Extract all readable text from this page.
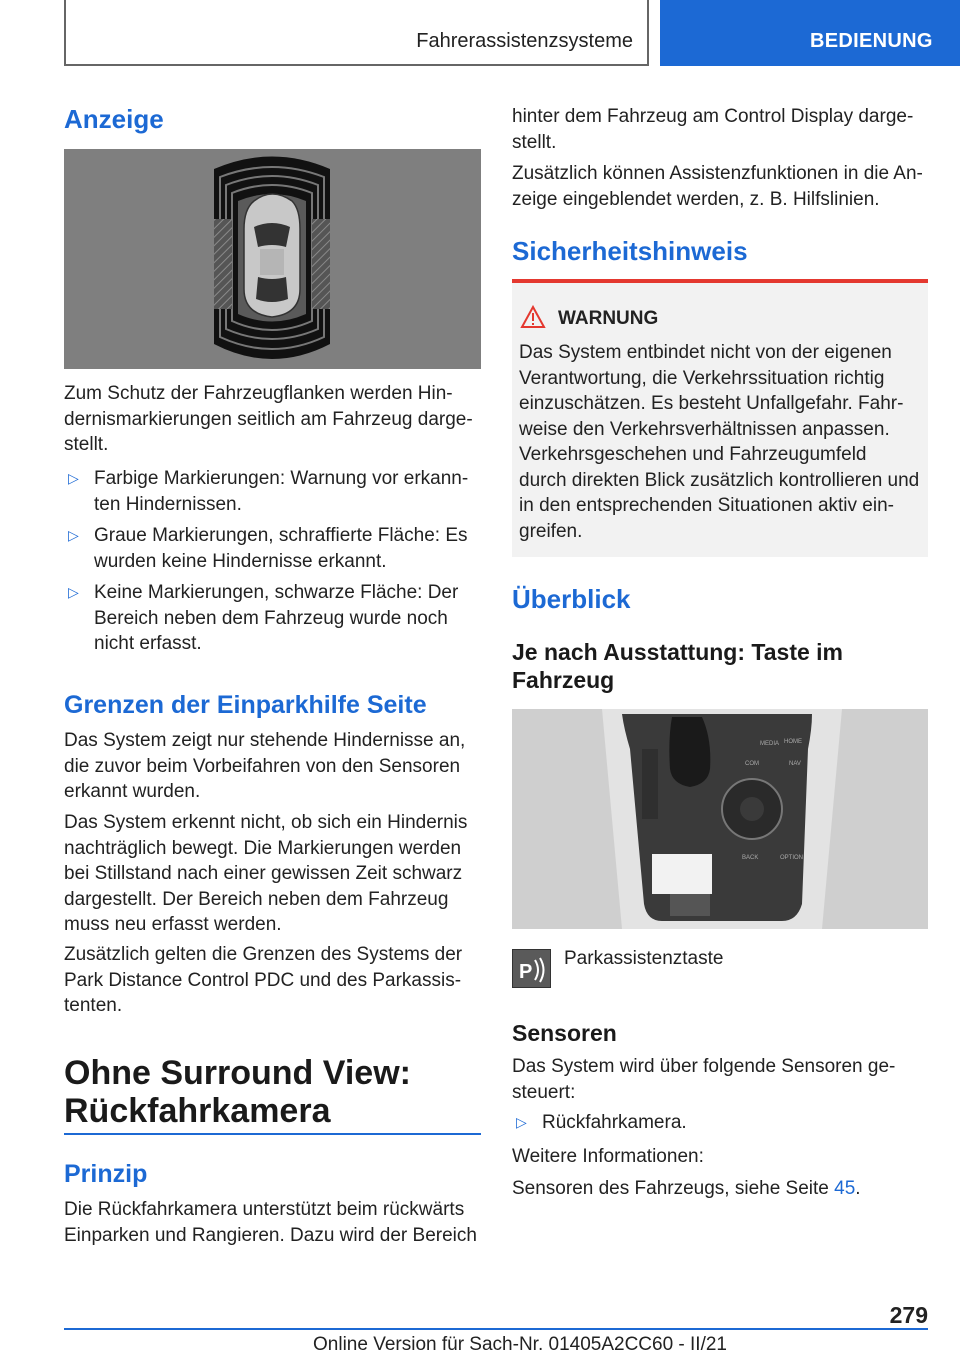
Fahrerassistenzsysteme	BEDIENUNG
Anzeige

Zum Schutz der Fahrzeugflanken werden Hin-
dernismarkierungen seitlich am Fahrzeug darge-
stellt.

▷ Farbige Markierungen: Warnung vor erkann-
ten Hindernissen.
▷ Graue Markierungen, schraffierte Fläche: Es
wurden keine Hindernisse erkannt.
▷ Keine Markierungen, schwarze Fläche: Der
Bereich neben dem Fahrzeug wurde noch
nicht erfasst.
Grenzen der Einparkhilfe Seite

Das System zeigt nur stehende Hindernisse an,
die zuvor beim Vorbeifahren von den Sensoren
erkannt wurden.

Das System erkennt nicht, ob sich ein Hindernis
nachträglich bewegt. Die Markierungen werden
bei Stillstand nach einer gewissen Zeit schwarz
dargestellt. Der Bereich neben dem Fahrzeug
muss neu erfasst werden.

Zusätzlich gelten die Grenzen des Systems der
Park Distance Control PDC und des Parkassis-
tenten.

Ohne Surround View:
Rückfahrkamera
Prinzip

Die Rückfahrkamera unterstützt beim rückwärts
Einparken und Rangieren. Dazu wird der Bereich

hinter dem Fahrzeug am Control Display darge-
stellt.

Zusätzlich können Assistenzfunktionen in die An-
zeige eingeblendet werden, z. B. Hilfslinien.

Sicherheitshinweis
WARNUNG

Das System entbindet nicht von der eigenen
Verantwortung, die Verkehrssituation richtig
einzuschätzen. Es besteht Unfallgefahr. Fahr-
weise den Verkehrsverhältnissen anpassen.
Verkehrsgeschehen und Fahrzeugumfeld
durch direkten Blick zusätzlich kontrollieren und
in den entsprechenden Situationen aktiv ein-
greifen.

Überblick
Je nach Ausstattung: Taste im
Fahrzeug
MEDIA HOME
COM	NAV
BACK	OPTION
P
Parkassistenztaste
Sensoren

Das System wird über folgende Sensoren ge-
steuert:

▷ Rückfahrkamera.

Weitere Informationen:

Sensoren des Fahrzeugs, siehe Seite 45.

279
Online Version für Sach-Nr. 01405A2CC60 - II/21
